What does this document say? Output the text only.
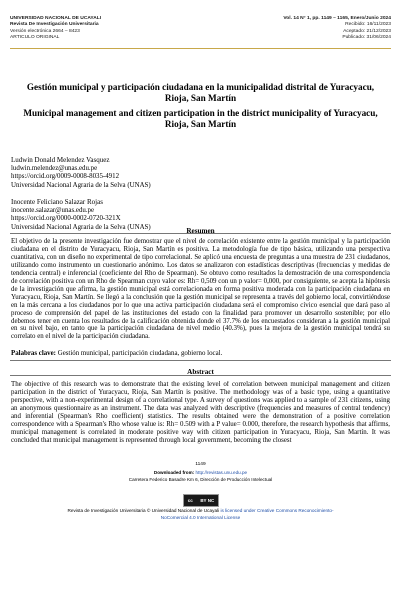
UNIVERSIDAD NACIONAL DE UCAYALI
Revista De Investigación Universitaria
Versión electrónica 2664 – 8423
ARTICULO ORIGINAL
Vol. 14 N° 1, pp. 1149 – 1165, Enero/Junio 2024
Recibido: 16/11/2023
Aceptado: 21/12/2023
Publicado: 31/06/2024
Gestión municipal y participación ciudadana en la municipalidad distrital de Yuracyacu, Rioja, San Martín
Municipal management and citizen participation in the district municipality of Yuracyacu, Rioja, San Martín
Ludwin Donald Melendez Vasquez
ludwin.melendez@unas.edu.pe
https://orcid.org/0009-0008-8035-4912
Universidad Nacional Agraria de la Selva (UNAS)
Inocente Feliciano Salazar Rojas
inocente.salazar@unas.edu.pe
https://orcid.org/0000-0002-0720-321X
Universidad Nacional Agraria de la Selva (UNAS)	Resumen
El objetivo de la presente investigación fue demostrar que el nivel de correlación existente entre la gestión municipal y la participación ciudadana en el distrito de Yuracyacu, Rioja, San Martín es positiva. La metodología fue de tipo básica, utilizando una perspectiva cuantitativa, con un diseño no experimental de tipo correlacional. Se aplicó una encuesta de preguntas a una muestra de 231 ciudadanos, utilizando como instrumento un cuestionario anónimo. Los datos se analizaron con estadísticas descriptivas (frecuencias y medidas de tendencia central) e inferencial (coeficiente del Rho de Spearman). Se obtuvo como resultados la demostración de una correspondencia de correlación positiva con un Rho de Spearman cuyo valor es: Rh= 0,509 con un p valor= 0,000, por consiguiente, se acepta la hipótesis de la investigación que afirma, la gestión municipal está correlacionada en forma positiva moderada con la participación ciudadana en Yuracyacu, Rioja, San Martín. Se llegó a la conclusión que la gestión municipal se representa a través del gobierno local, convirtiéndose en la más cercana a los ciudadanos por lo que una activa participación ciudadana será el compromiso cívico esencial que dará paso al proceso de comprensión del papel de las instituciones del estado con la finalidad para promover un desarrollo sostenible; por ello debemos tener en cuenta los resultados de la calificación obtenida donde el 37.7% de los encuestados consideran a la gestión municipal en su nivel bajo, en tanto que la participación ciudadana de nivel medio (40.3%), pues la mejora de la gestión municipal tendrá su correlato en el nivel de la participación ciudadana.
Palabras clave: Gestión municipal, participación ciudadana, gobierno local.
Abstract
The objective of this research was to demonstrate that the existing level of correlation between municipal management and citizen participation in the district of Yuracyacu, Rioja, San Martín is positive. The methodology was of a basic type, using a quantitative perspective, with a non-experimental design of a correlational type. A survey of questions was applied to a sample of 231 citizens, using an anonymous questionnaire as an instrument. The data was analyzed with descriptive (frequencies and measures of central tendency) and inferential (Spearman's Rho coefficient) statistics. The results obtained were the demonstration of a positive correlation correspondence with a Spearman's Rho whose value is: Rh= 0.509 with a P value= 0.000, therefore, the research hypothesis that affirms, municipal management is correlated in moderate positive way with citizen participation in Yuracyacu, Rioja, San Martín. It was concluded that municipal management is represented through local government, becoming the closest
1149
Downloaded from: http://revistas.unu.edu.pe
Carretera Federico Basadre Km 6, Dirección de Producción Intelectual
cc BY NC
Revista de Investigación Universitaria © Universidad Nacional de Ucayali is licensed under Creative Commons Reconocimiento-
NoComercial 4.0 International License
